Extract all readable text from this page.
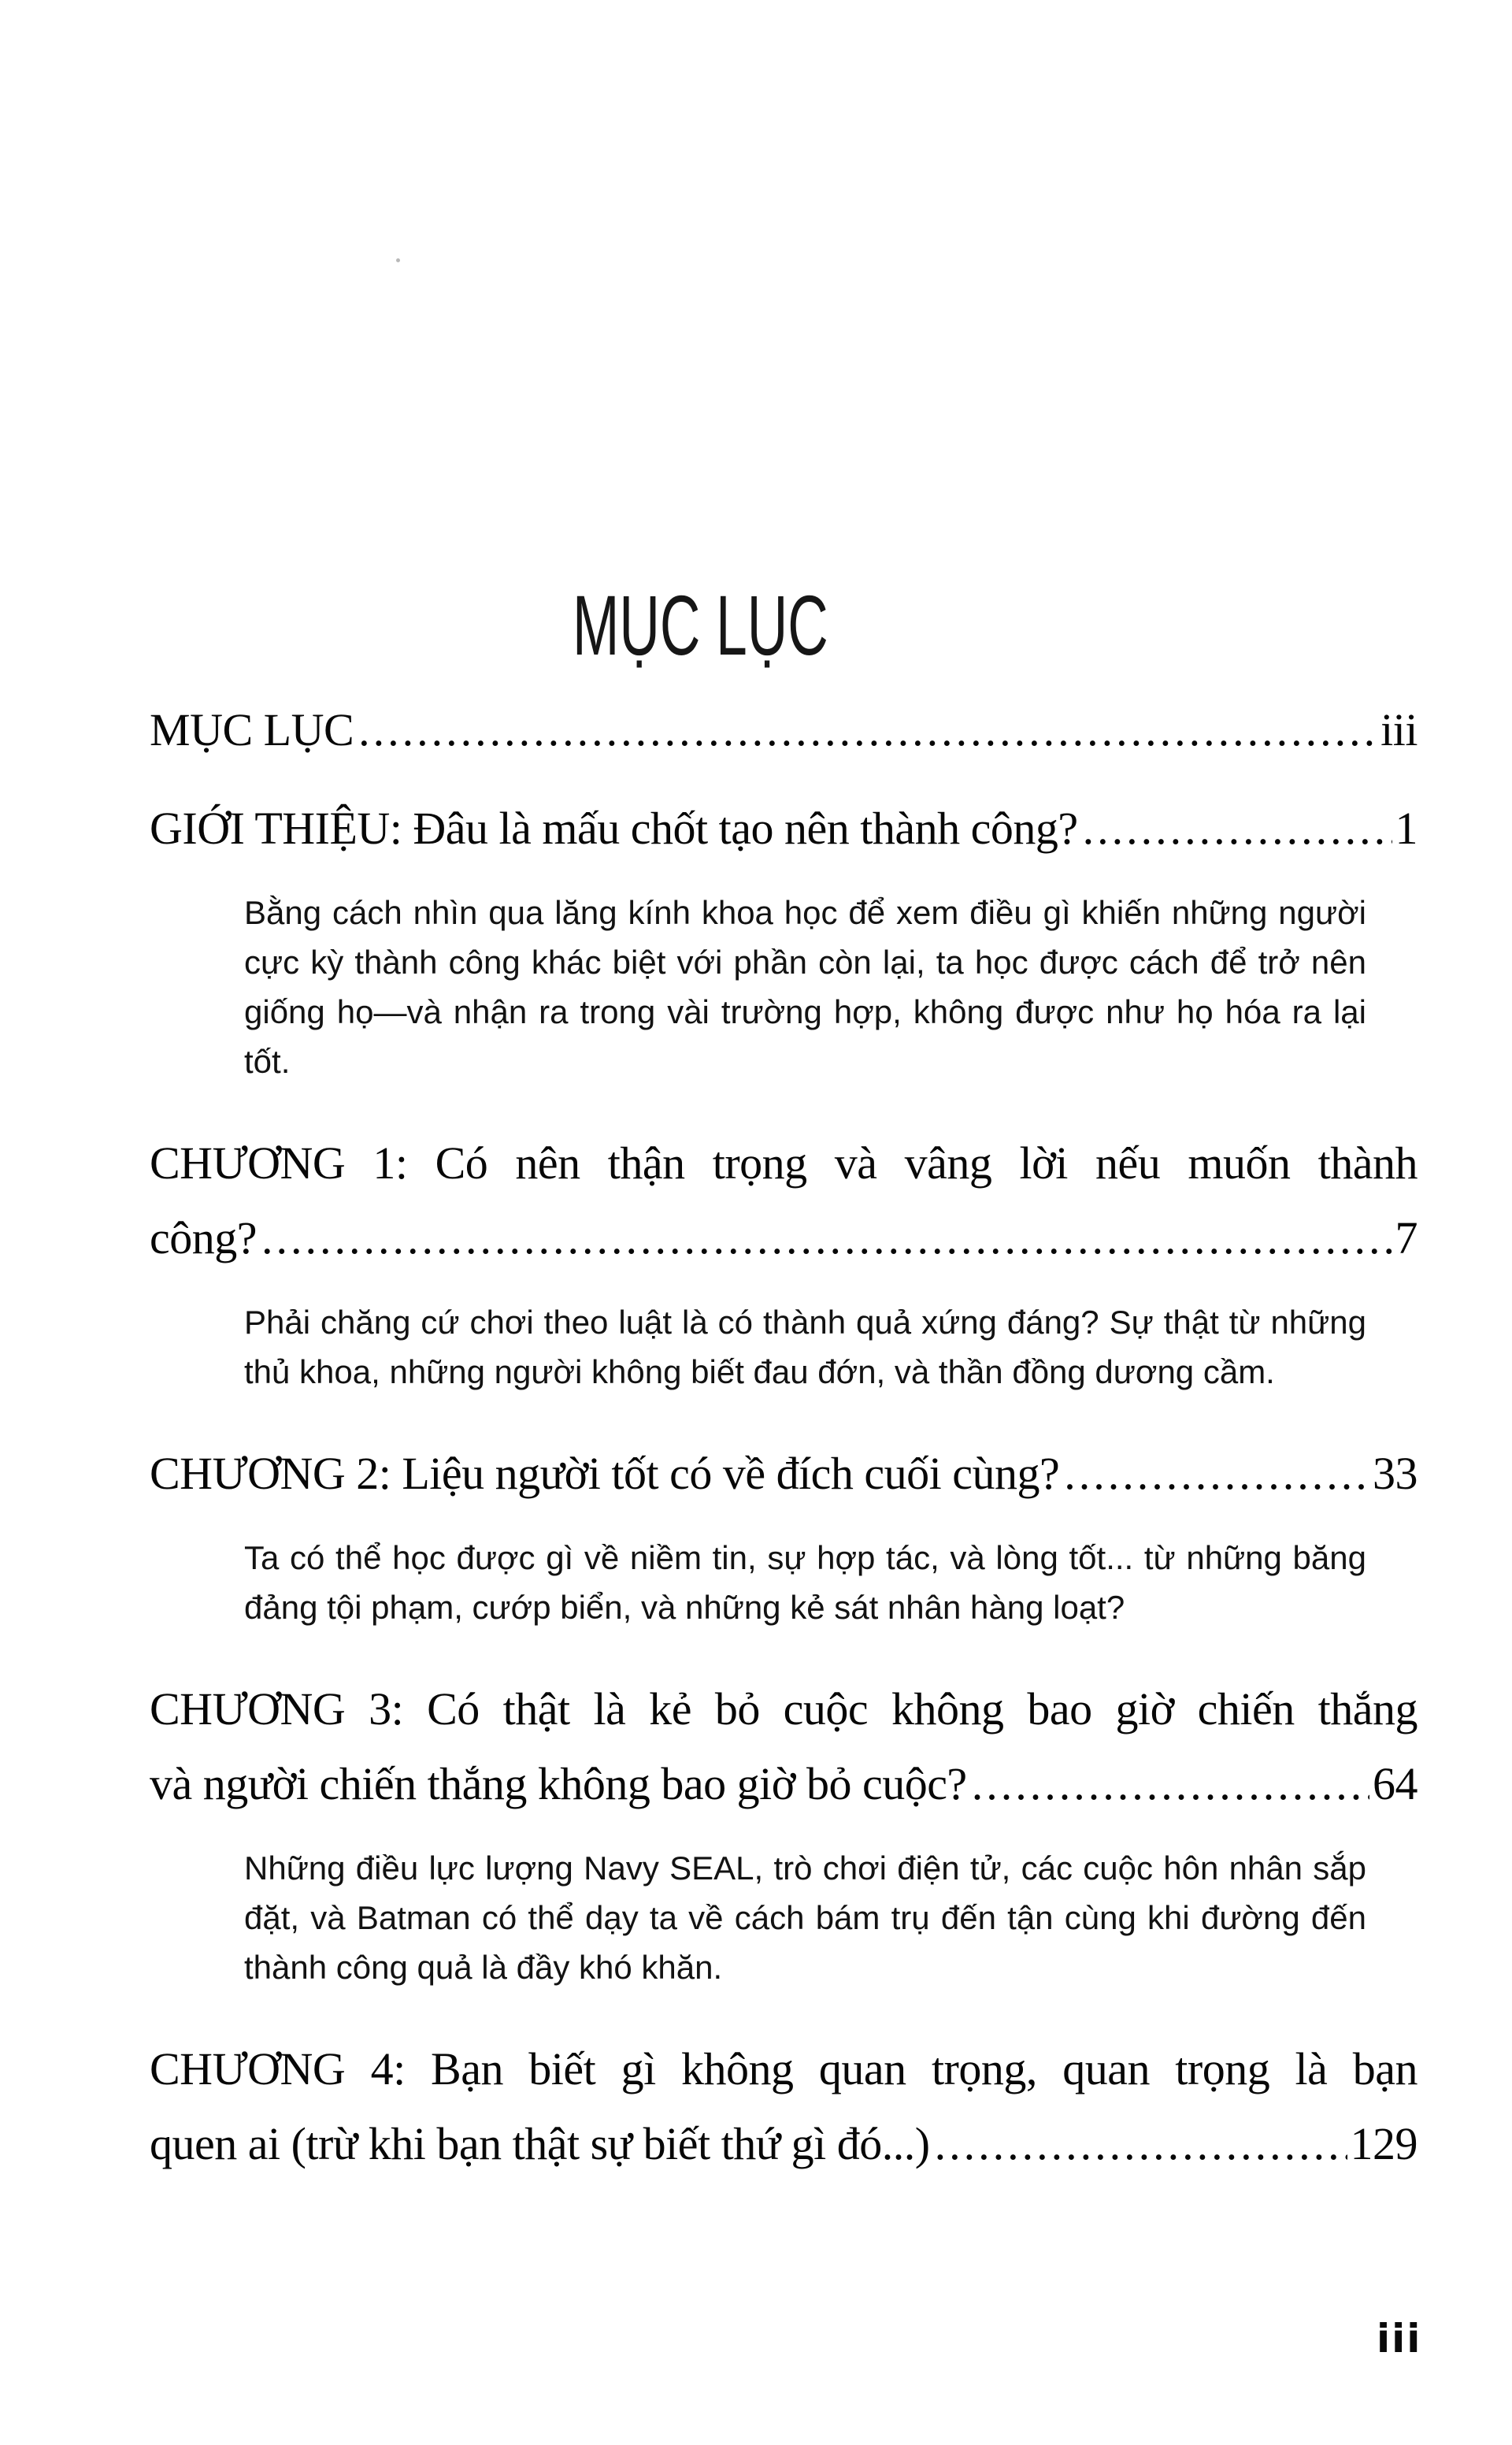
MỤC LỤC
MỤC LỤC .....	iii
GIỚI THIỆU: Đâu là mấu chốt tạo nên thành công? .....	1

Bằng cách nhìn qua lăng kính khoa học để xem điều gì khiến những người cực kỳ thành công khác biệt với phần còn lại, ta học được cách để trở nên giống họ—và nhận ra trong vài trường hợp, không được như họ hóa ra lại tốt.

CHƯƠNG 1: Có nên thận trọng và vâng lời nếu muốn thành
công? .....	7

Phải chăng cứ chơi theo luật là có thành quả xứng đáng? Sự thật từ những thủ khoa, những người không biết đau đớn, và thần đồng dương cầm.

CHƯƠNG 2: Liệu người tốt có về đích cuối cùng? .....	33

Ta có thể học được gì về niềm tin, sự hợp tác, và lòng tốt... từ những băng đảng tội phạm, cướp biển, và những kẻ sát nhân hàng loạt?

CHƯƠNG 3: Có thật là kẻ bỏ cuộc không bao giờ chiến thắng
và người chiến thắng không bao giờ bỏ cuộc? .....	64

Những điều lực lượng Navy SEAL, trò chơi điện tử, các cuộc hôn nhân sắp đặt, và Batman có thể dạy ta về cách bám trụ đến tận cùng khi đường đến thành công quả là đầy khó khăn.

CHƯƠNG 4: Bạn biết gì không quan trọng, quan trọng là bạn
quen ai (trừ khi bạn thật sự biết thứ gì đó...) .....	129
iii
